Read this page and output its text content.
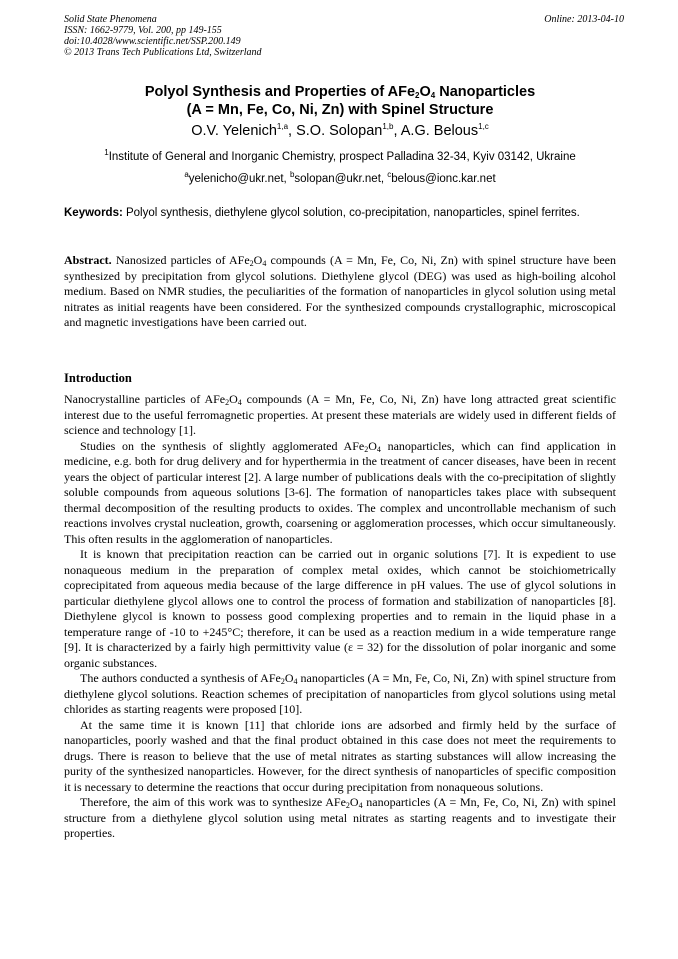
Solid State Phenomena
ISSN: 1662-9779, Vol. 200, pp 149-155
doi:10.4028/www.scientific.net/SSP.200.149
© 2013 Trans Tech Publications Ltd, Switzerland
Online: 2013-04-10
Polyol Synthesis and Properties of $AFe_2O_4$ Nanoparticles
(A = Mn, Fe, Co, Ni, Zn) with Spinel Structure
O.V. Yelenich$^{1,a}$, S.O. Solopan$^{1,b}$, A.G. Belous$^{1,c}$
$^1$Institute of General and Inorganic Chemistry, prospect Palladina 32-34, Kyiv 03142, Ukraine
$^a$yelenicho@ukr.net, $^b$solopan@ukr.net, $^c$belous@ionc.kar.net
Keywords: Polyol synthesis, diethylene glycol solution, co-precipitation, nanoparticles, spinel ferrites.
Abstract. Nanosized particles of $AFe_2O_4$ compounds (A = Mn, Fe, Co, Ni, Zn) with spinel structure have been synthesized by precipitation from glycol solutions. Diethylene glycol (DEG) was used as high-boiling alcohol medium. Based on NMR studies, the peculiarities of the formation of nanoparticles in glycol solution using metal nitrates as initial reagents have been considered. For the synthesized compounds crystallographic, microscopical and magnetic investigations have been carried out.
Introduction

Nanocrystalline particles of $AFe_2O_4$ compounds (A = Mn, Fe, Co, Ni, Zn) have long attracted great scientific interest due to the useful ferromagnetic properties. At present these materials are widely used in different fields of science and technology [1].

Studies on the synthesis of slightly agglomerated $AFe_2O_4$ nanoparticles, which can find application in medicine, e.g. both for drug delivery and for hyperthermia in the treatment of cancer diseases, have been in recent years the object of particular interest [2]. A large number of publications deals with the co-precipitation of slightly soluble compounds from aqueous solutions [3-6]. The formation of nanoparticles takes place with subsequent thermal decomposition of the resulting products to oxides. The complex and uncontrollable mechanism of such reactions involves crystal nucleation, growth, coarsening or agglomeration processes, which occur simultaneously. This often results in the agglomeration of nanoparticles.

It is known that precipitation reaction can be carried out in organic solutions [7]. It is expedient to use nonaqueous medium in the preparation of complex metal oxides, which cannot be stoichiometrically coprecipitated from aqueous media because of the large difference in pH values. The use of glycol solutions in particular diethylene glycol allows one to control the process of formation and stabilization of nanoparticles [8]. Diethylene glycol is known to possess good complexing properties and to remain in the liquid phase in a temperature range of -10 to +245°C; therefore, it can be used as a reaction medium in a wide temperature range [9]. It is characterized by a fairly high permittivity value (ε = 32) for the dissolution of polar inorganic and some organic substances.

The authors conducted a synthesis of $AFe_2O_4$ nanoparticles (A = Mn, Fe, Co, Ni, Zn) with spinel structure from diethylene glycol solutions. Reaction schemes of precipitation of nanoparticles from glycol solutions using metal chlorides as starting reagents were proposed [10].

At the same time it is known [11] that chloride ions are adsorbed and firmly held by the surface of nanoparticles, poorly washed and that the final product obtained in this case does not meet the requirements to drugs. There is reason to believe that the use of metal nitrates as starting substances will allow increasing the purity of the synthesized nanoparticles. However, for the direct synthesis of nanoparticles of specific composition it is necessary to determine the reactions that occur during precipitation from nonaqueous solutions.

Therefore, the aim of this work was to synthesize $AFe_2O_4$ nanoparticles (A = Mn, Fe, Co, Ni, Zn) with spinel structure from a diethylene glycol solution using metal nitrates as starting reagents and to investigate their properties.
